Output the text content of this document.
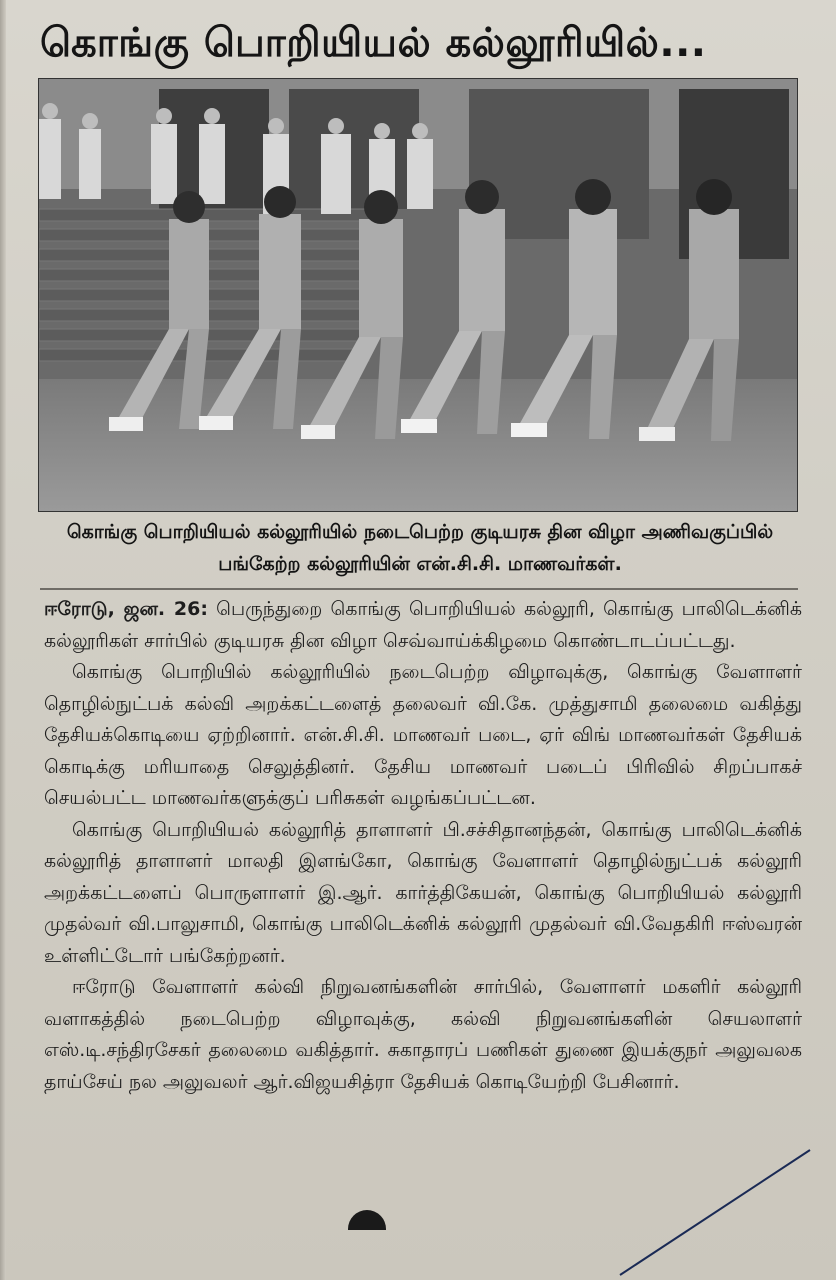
கொங்கு பொறியியல் கல்லூரியில்...
கொங்கு பொறியியல் கல்லூரியில் நடைபெற்ற குடியரசு தின விழா அணிவகுப்பில் பங்கேற்ற கல்லூரியின் என்.சி.சி. மாணவர்கள்.

ஈரோடு, ஜன. 26: பெருந்துறை கொங்கு பொறியியல் கல்லூரி, கொங்கு பாலிடெக்னிக் கல்லூரிகள் சார்பில் குடியரசு தின விழா செவ்வாய்க்கிழமை கொண்டாடப்பட்டது.

கொங்கு பொறியில் கல்லூரியில் நடைபெற்ற விழாவுக்கு, கொங்கு வேளாளர் தொழில்நுட்பக் கல்வி அறக்கட்டளைத் தலைவர் வி.கே. முத்துசாமி தலைமை வகித்து தேசியக்கொடியை ஏற்றினார். என்.சி.சி. மாணவர் படை, ஏர் விங் மாணவர்கள் தேசியக் கொடிக்கு மரியாதை செலுத்தினர். தேசிய மாணவர் படைப் பிரிவில் சிறப்பாகச் செயல்பட்ட மாணவர்களுக்குப் பரிசுகள் வழங்கப்பட்டன.

கொங்கு பொறியியல் கல்லூரித் தாளாளர் பி.சச்சிதானந்தன், கொங்கு பாலிடெக்னிக் கல்லூரித் தாளாளர் மாலதி இளங்கோ, கொங்கு வேளாளர் தொழில்நுட்பக் கல்லூரி அறக்கட்டளைப் பொருளாளர் இ.ஆர். கார்த்திகேயன், கொங்கு பொறியியல் கல்லூரி முதல்வர் வி.பாலுசாமி, கொங்கு பாலிடெக்னிக் கல்லூரி முதல்வர் வி.வேதகிரி ஈஸ்வரன் உள்ளிட்டோர் பங்கேற்றனர்.

ஈரோடு வேளாளர் கல்வி நிறுவனங்களின் சார்பில், வேளாளர் மகளிர் கல்லூரி வளாகத்தில் நடைபெற்ற விழாவுக்கு, கல்வி நிறுவனங்களின் செயலாளர் எஸ்.டி.சந்திரசேகர் தலைமை வகித்தார். சுகாதாரப் பணிகள் துணை இயக்குநர் அலுவலக தாய்சேய் நல அலுவலர் ஆர்.விஜயசித்ரா தேசியக் கொடியேற்றி பேசினார்.
